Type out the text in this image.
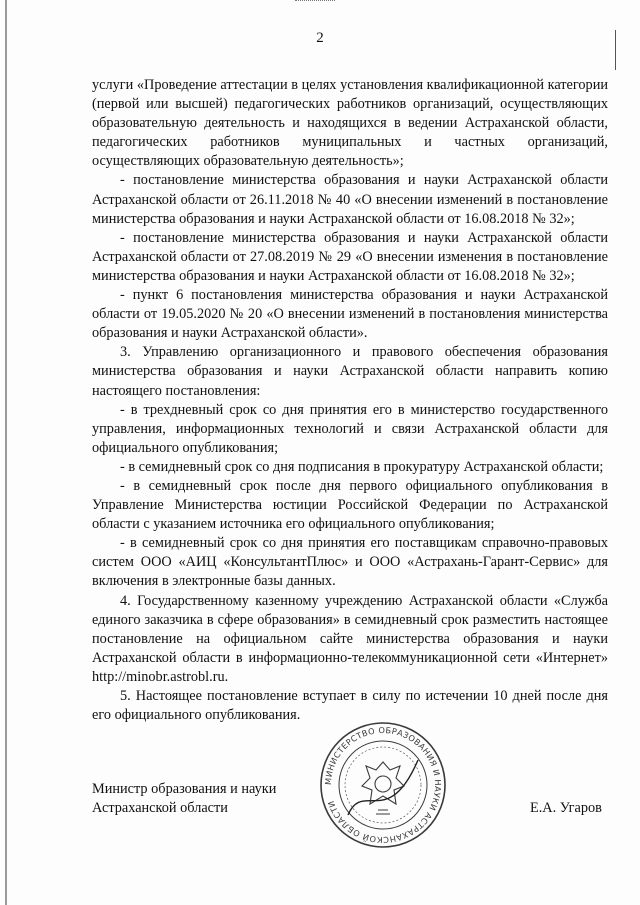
2

услуги «Проведение аттестации в целях установления квалификационной категории (первой или высшей) педагогических работников организаций, осуществляющих образовательную деятельность и находящихся в ведении Астраханской области, педагогических работников муниципальных и частных организаций, осуществляющих образовательную деятельность»;

- постановление министерства образования и науки Астраханской области Астраханской области от 26.11.2018 № 40 «О внесении изменений в постановление министерства образования и науки Астраханской области от 16.08.2018 № 32»;

- постановление министерства образования и науки Астраханской области Астраханской области от 27.08.2019 № 29 «О внесении изменения в постановление министерства образования и науки Астраханской области от 16.08.2018 № 32»;

- пункт 6 постановления министерства образования и науки Астраханской области от 19.05.2020 № 20 «О внесении изменений в постановления министерства образования и науки Астраханской области».

3. Управлению организационного и правового обеспечения образования министерства образования и науки Астраханской области направить копию настоящего постановления:

- в трехдневный срок со дня принятия его в министерство государственного управления, информационных технологий и связи Астраханской области для официального опубликования;

- в семидневный срок со дня подписания в прокуратуру Астраханской области;

- в семидневный срок после дня первого официального опубликования в Управление Министерства юстиции Российской Федерации по Астраханской области с указанием источника его официального опубликования;

- в семидневный срок со дня принятия его поставщикам справочно-правовых систем ООО «АИЦ «КонсультантПлюс» и ООО «Астрахань-Гарант-Сервис» для включения в электронные базы данных.

4. Государственному казенному учреждению Астраханской области «Служба единого заказчика в сфере образования» в семидневный срок разместить настоящее постановление на официальном сайте министерства образования и науки Астраханской области в информационно-телекоммуникационной сети «Интернет» http://minobr.astrobl.ru.

5. Настоящее постановление вступает в силу по истечении 10 дней после дня его официального опубликования.

МИНИСТЕРСТВО ОБРАЗОВАНИЯ И НАУКИ АСТРАХАНСКОЙ ОБЛАСТИ
Министр образования и науки
Астраханской области	Е.А. Угаров
